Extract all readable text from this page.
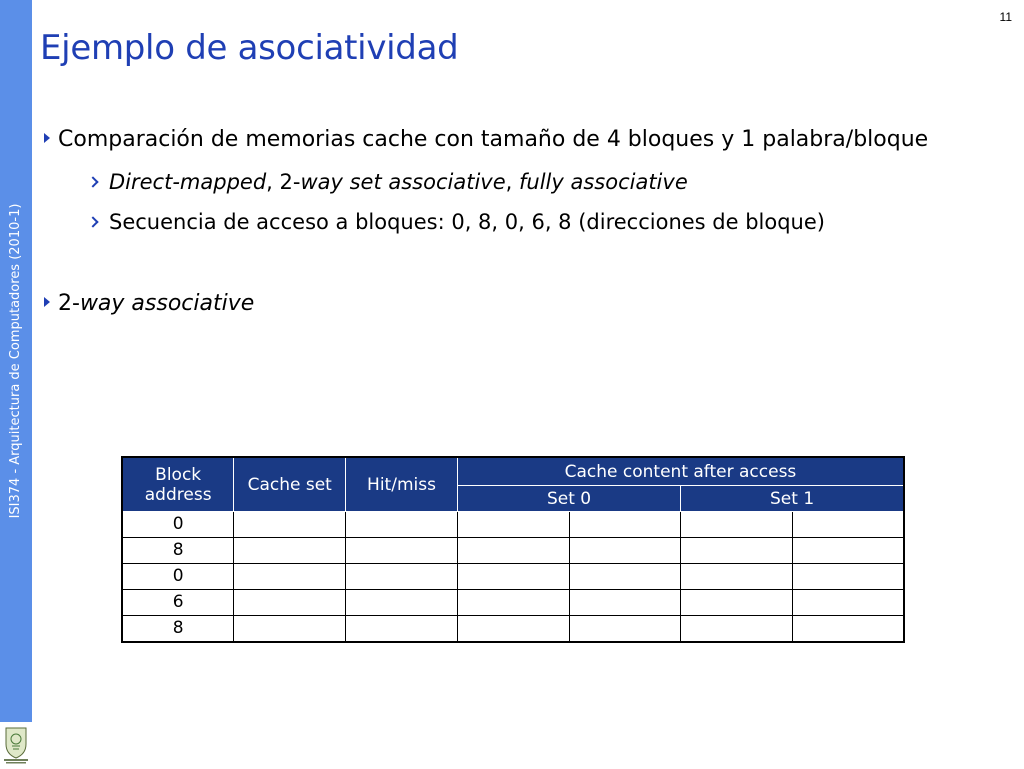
ISI374 - Arquitectura de Computadores (2010-1)
11
Ejemplo de asociatividad
Comparación de memorias cache con tamaño de 4 bloques y 1 palabra/bloque
Direct-mapped, 2-way set associative, fully associative
Secuencia de acceso a bloques: 0, 8, 0, 6, 8 (direcciones de bloque)
2-way associative
Block address	Cache set	Hit/miss	Cache content after access			
			Set 0		Set 1	
0						
8						
0						
6						
8						
